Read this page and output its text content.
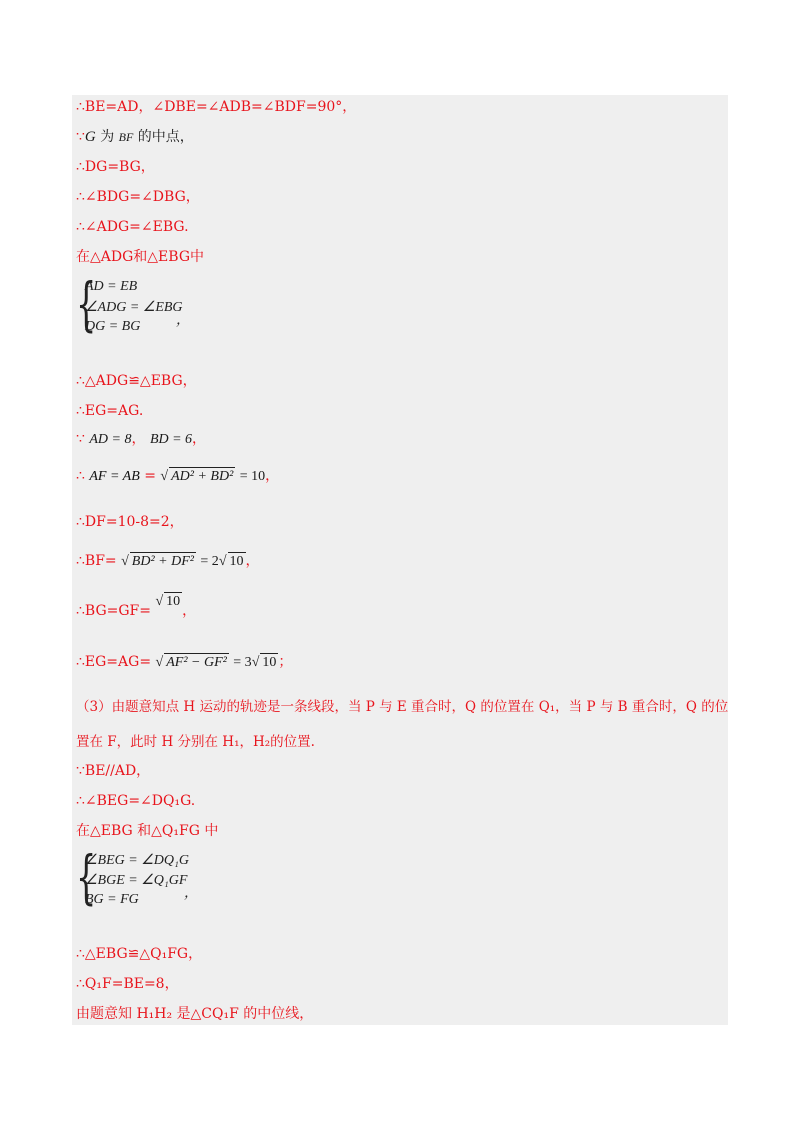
∴BE=AD，∠DBE=∠ADB=∠BDF=90°，
∵G 为 BF 的中点，
∴DG=BG，
∴∠BDG=∠DBG，
∴∠ADG=∠EBG.
在△ADG和△EBG中
{
AD = EB
∠ADG = ∠EBG
DG = BG	，
∴△ADG≌△EBG，
∴EG=AG.
∵ AD = 8， BD = 6，
∴ AF = AB = √ AD² + BD² = 10，
∴DF=10-8=2，
∴BF= √ BD² + DF² = 2√ 10 ，
∴BG=GF= √ 10，
∴EG=AG= √ AF² − GF² = 3√ 10 ；
（3）由题意知点 H 运动的轨迹是一条线段，当 P 与 E 重合时，Q 的位置在 Q₁，当 P 与 B 重合时，Q 的位
置在 F，此时 H 分别在 H₁，H₂的位置.
∵BE//AD，
∴∠BEG=∠DQ₁G.
在△EBG 和△Q₁FG 中
{
∠BEG = ∠DQ₁G
∠BGE = ∠Q₁GF
BG = FG	，
∴△EBG≌△Q₁FG，
∴Q₁F=BE=8，
由题意知 H₁H₂ 是△CQ₁F 的中位线，
